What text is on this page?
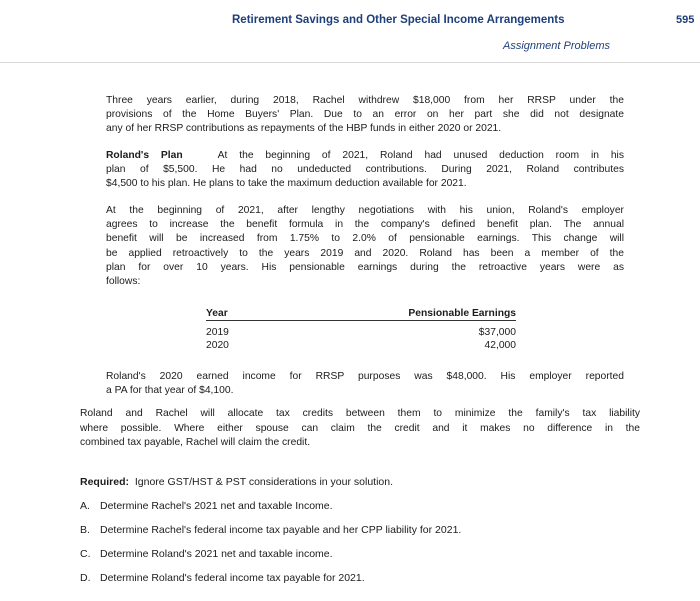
Retirement Savings and Other Special Income Arrangements	595
Assignment Problems

Three years earlier, during 2018, Rachel withdrew $18,000 from her RRSP under the
provisions of the Home Buyers' Plan. Due to an error on her part she did not designate
any of her RRSP contributions as repayments of the HBP funds in either 2020 or 2021.

Roland's Plan	At the beginning of 2021, Roland had unused deduction room in his
plan of $5,500. He had no undeducted contributions. During 2021, Roland contributes
$4,500 to his plan. He plans to take the maximum deduction available for 2021.

At the beginning of 2021, after lengthy negotiations with his union, Roland's employer
agrees to increase the benefit formula in the company's defined benefit plan. The annual
benefit will be increased from 1.75% to 2.0% of pensionable earnings. This change will
be applied retroactively to the years 2019 and 2020. Roland has been a member of the
plan for over 10 years. His pensionable earnings during the retroactive years were as
follows:

Year	Pensionable Earnings
2019	$37,000
2020	42,000

Roland's 2020 earned income for RRSP purposes was $48,000. His employer reported
a PA for that year of $4,100.

Roland and Rachel will allocate tax credits between them to minimize the family's tax liability
where possible. Where either spouse can claim the credit and it makes no difference in the
combined tax payable, Rachel will claim the credit.

Required: Ignore GST/HST & PST considerations in your solution.
A. Determine Rachel's 2021 net and taxable Income.
B. Determine Rachel's federal income tax payable and her CPP liability for 2021.
C. Determine Roland's 2021 net and taxable income.
D. Determine Roland's federal income tax payable for 2021.
